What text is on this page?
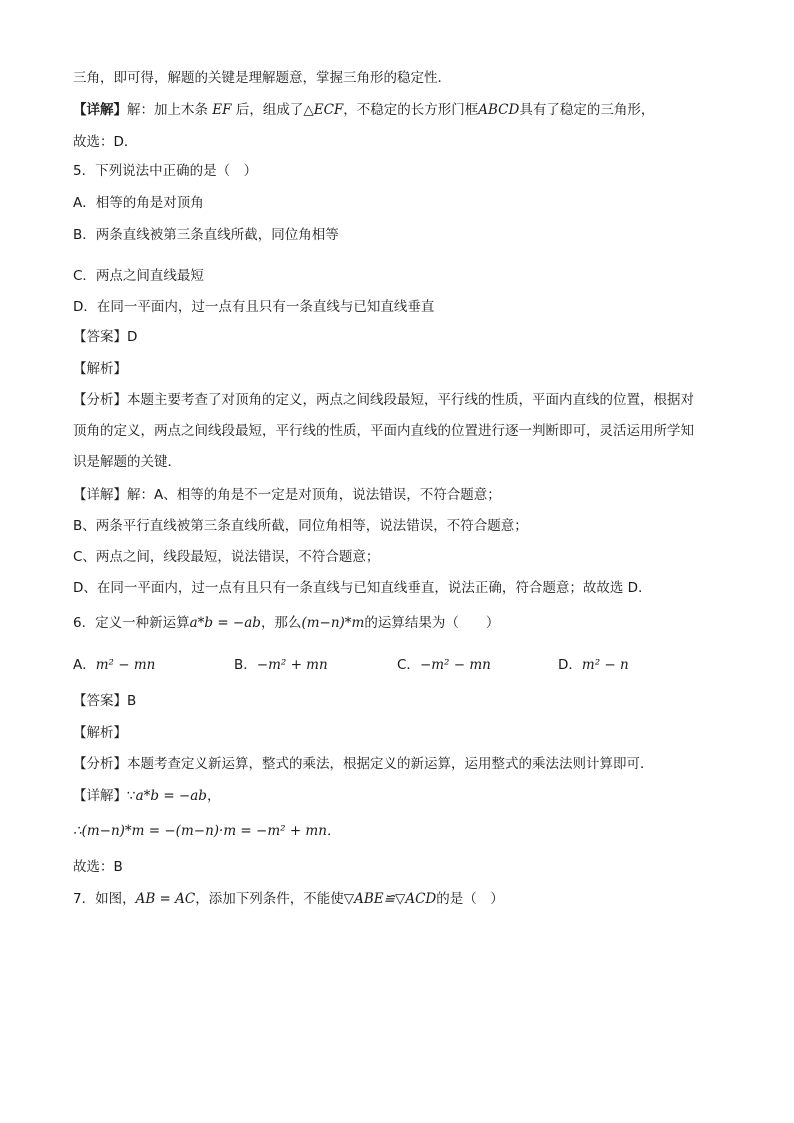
三角，即可得，解题的关键是理解题意，掌握三角形的稳定性．
【详解】解：加上木条 EF 后，组成了△ECF，不稳定的长方形门框ABCD具有了稳定的三角形，
故选：D．
5．下列说法中正确的是（　）
A．相等的角是对顶角
B．两条直线被第三条直线所截，同位角相等
C．两点之间直线最短
D．在同一平面内，过一点有且只有一条直线与已知直线垂直
【答案】D
【解析】
【分析】本题主要考查了对顶角的定义，两点之间线段最短，平行线的性质，平面内直线的位置，根据对
顶角的定义，两点之间线段最短，平行线的性质，平面内直线的位置进行逐一判断即可，灵活运用所学知
识是解题的关键．
【详解】解：A、相等的角是不一定是对顶角，说法错误，不符合题意；
B、两条平行直线被第三条直线所截，同位角相等，说法错误，不符合题意；
C、两点之间，线段最短，说法错误，不符合题意；
D、在同一平面内，过一点有且只有一条直线与已知直线垂直，说法正确，符合题意；故故选 D．
6．定义一种新运算a*b = −ab，那么(m−n)*m的运算结果为（　　）
A．m² − mn	B．−m² + mn	C．−m² − mn	D．m² − n
【答案】B
【解析】
【分析】本题考查定义新运算，整式的乘法，根据定义的新运算，运用整式的乘法法则计算即可．
【详解】∵a*b = −ab，
∴(m−n)*m = −(m−n)·m = −m² + mn．
故选：B
7．如图，AB = AC，添加下列条件，不能使▽ABE≌▽ACD的是（　）
